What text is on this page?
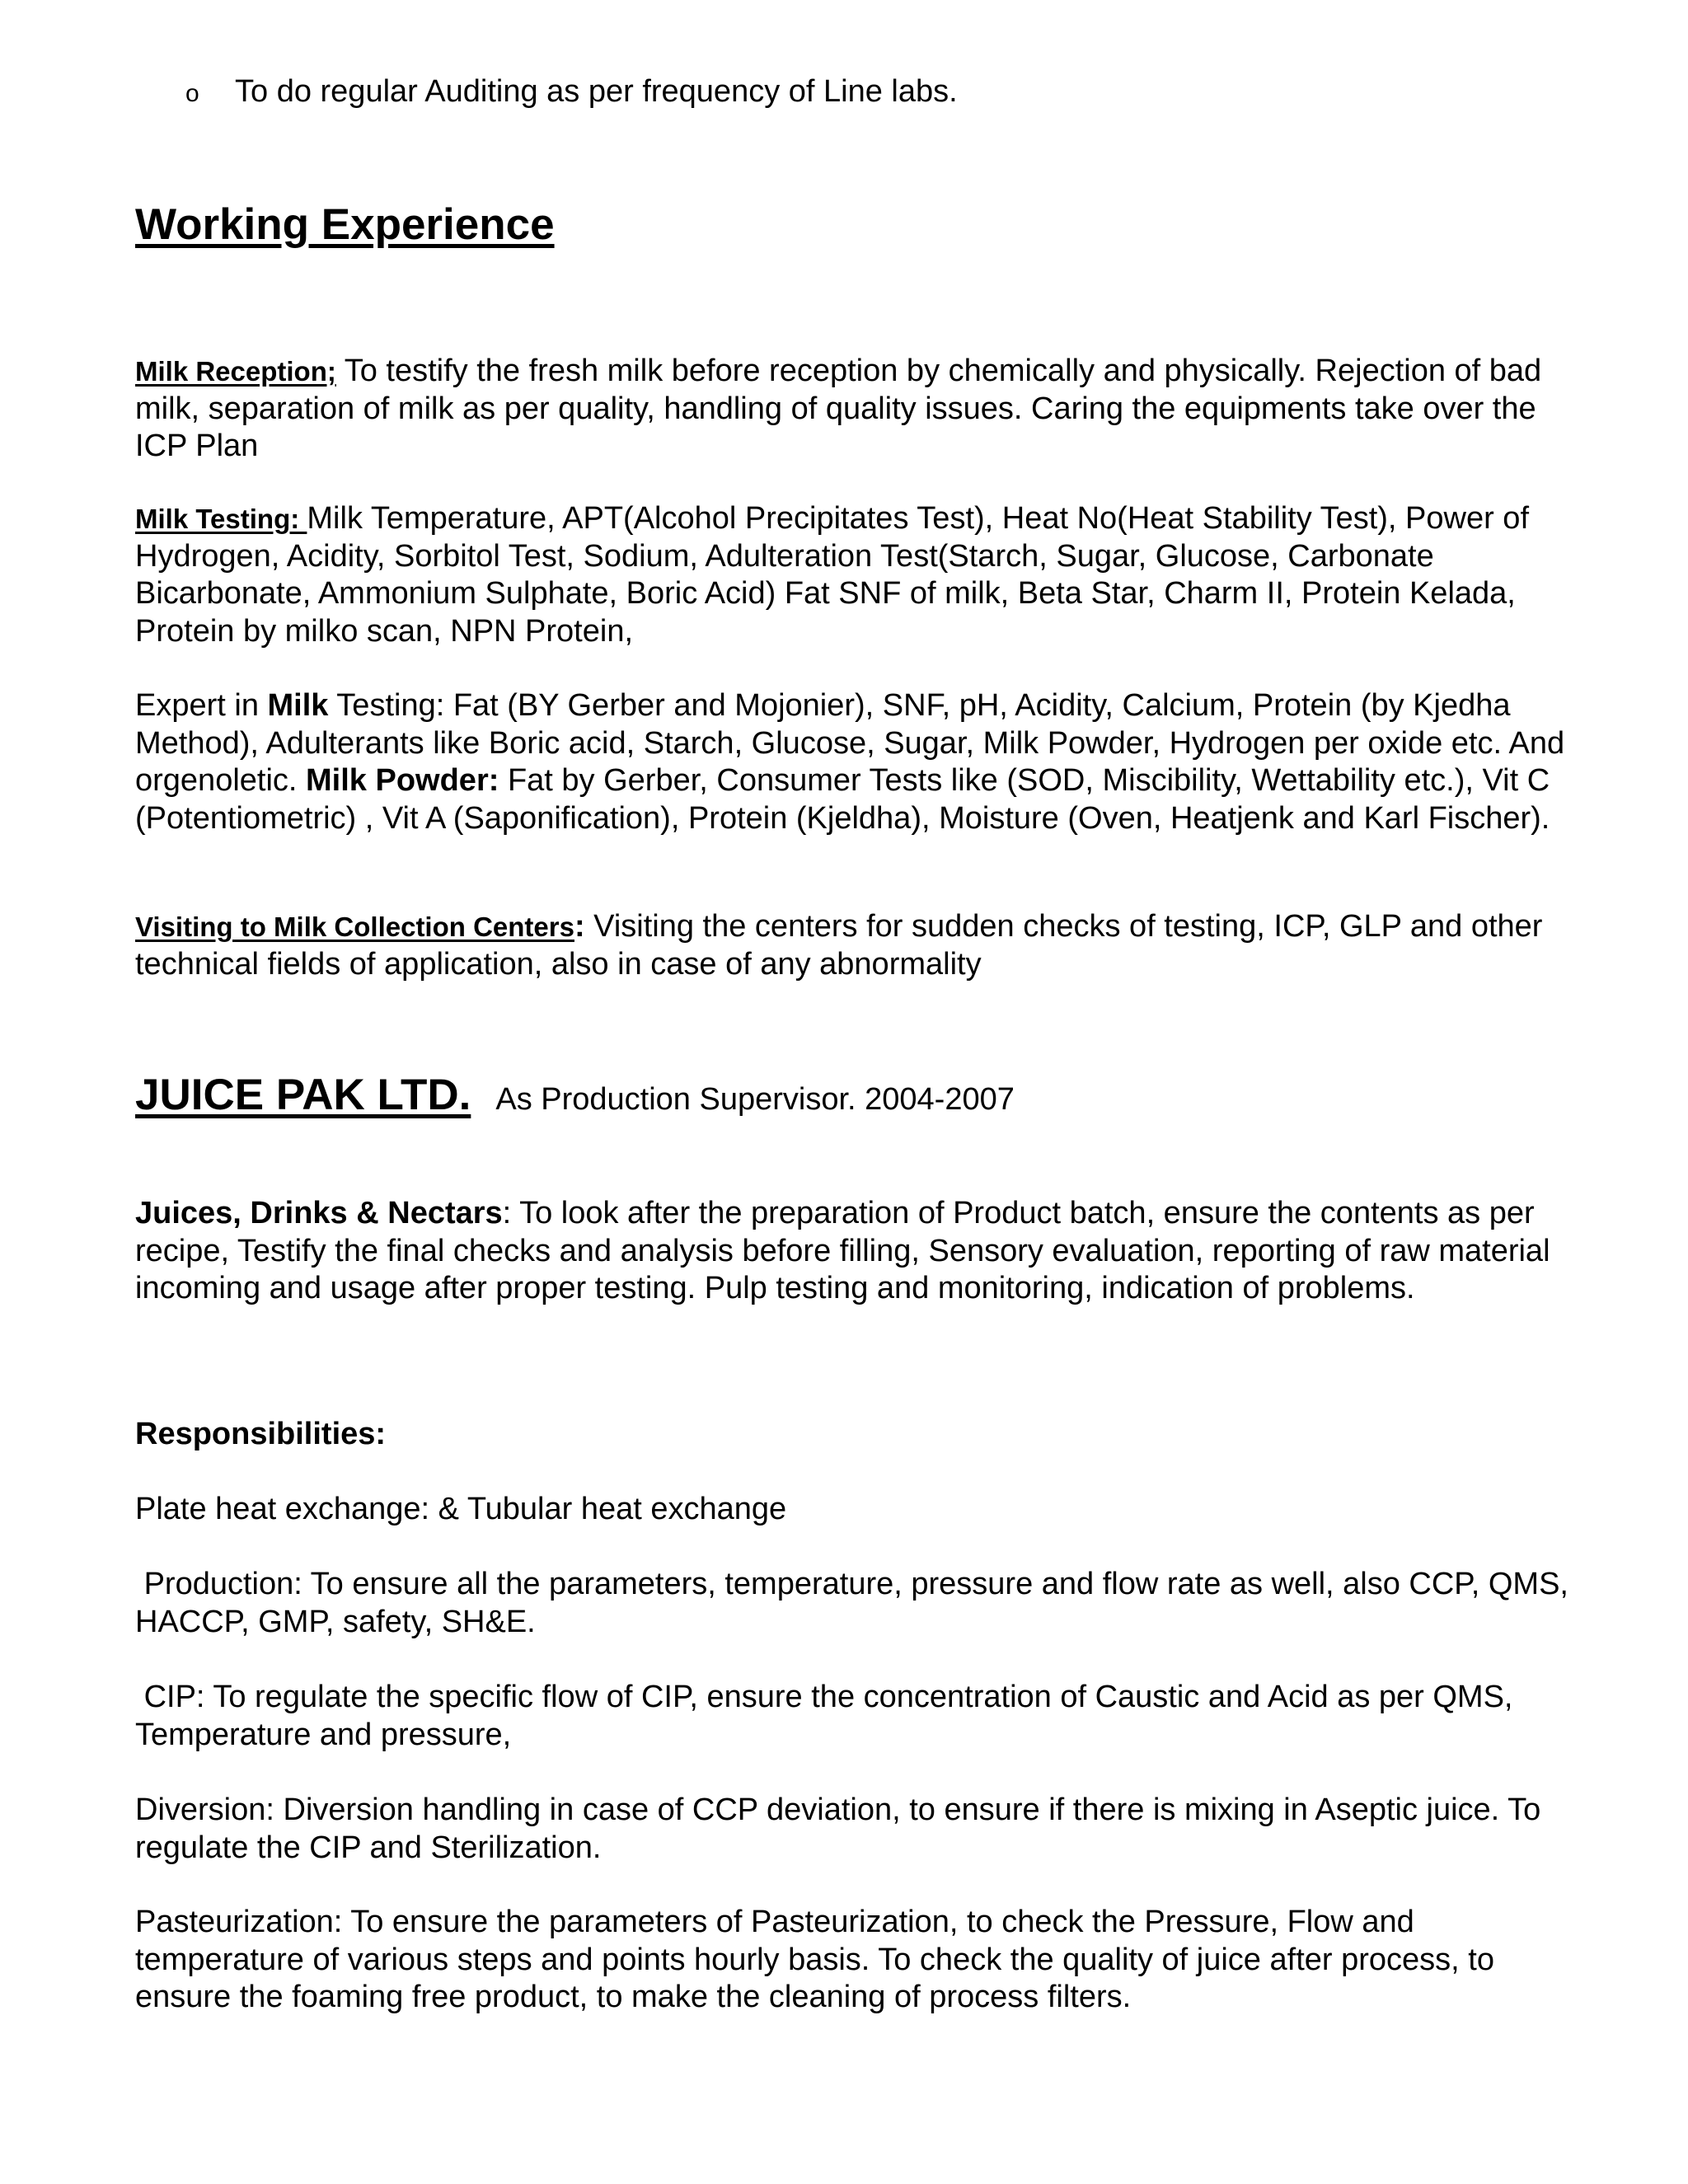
o To do regular Auditing as per frequency of Line labs.
Working Experience
Milk Reception; To testify the fresh milk before reception by chemically and physically. Rejection of bad milk, separation of milk as per quality, handling of quality issues. Caring the equipments take over the ICP Plan
Milk Testing: Milk Temperature, APT(Alcohol Precipitates Test), Heat No(Heat Stability Test), Power of Hydrogen, Acidity, Sorbitol Test, Sodium, Adulteration Test(Starch, Sugar, Glucose, Carbonate Bicarbonate, Ammonium Sulphate, Boric Acid) Fat SNF of milk, Beta Star, Charm II, Protein Kelada, Protein by milko scan, NPN Protein,
Expert in Milk Testing: Fat (BY Gerber and Mojonier), SNF, pH, Acidity, Calcium, Protein (by Kjedha Method), Adulterants like Boric acid, Starch, Glucose, Sugar, Milk Powder, Hydrogen per oxide etc. And orgenoletic. Milk Powder: Fat by Gerber, Consumer Tests like (SOD, Miscibility, Wettability etc.), Vit C (Potentiometric) , Vit A (Saponification), Protein (Kjeldha), Moisture (Oven, Heatjenk and Karl Fischer).
Visiting to Milk Collection Centers: Visiting the centers for sudden checks of testing, ICP, GLP and other technical fields of application, also in case of any abnormality
JUICE PAK LTD. As Production Supervisor. 2004-2007
Juices, Drinks & Nectars: To look after the preparation of Product batch, ensure the contents as per recipe, Testify the final checks and analysis before filling, Sensory evaluation, reporting of raw material incoming and usage after proper testing. Pulp testing and monitoring, indication of problems.
Responsibilities:
Plate heat exchange: & Tubular heat exchange
Production: To ensure all the parameters, temperature, pressure and flow rate as well, also CCP, QMS, HACCP, GMP, safety, SH&E.
CIP: To regulate the specific flow of CIP, ensure the concentration of Caustic and Acid as per QMS, Temperature and pressure,
Diversion: Diversion handling in case of CCP deviation, to ensure if there is mixing in Aseptic juice. To regulate the CIP and Sterilization.
Pasteurization: To ensure the parameters of Pasteurization, to check the Pressure, Flow and temperature of various steps and points hourly basis. To check the quality of juice after process, to ensure the foaming free product, to make the cleaning of process filters.
